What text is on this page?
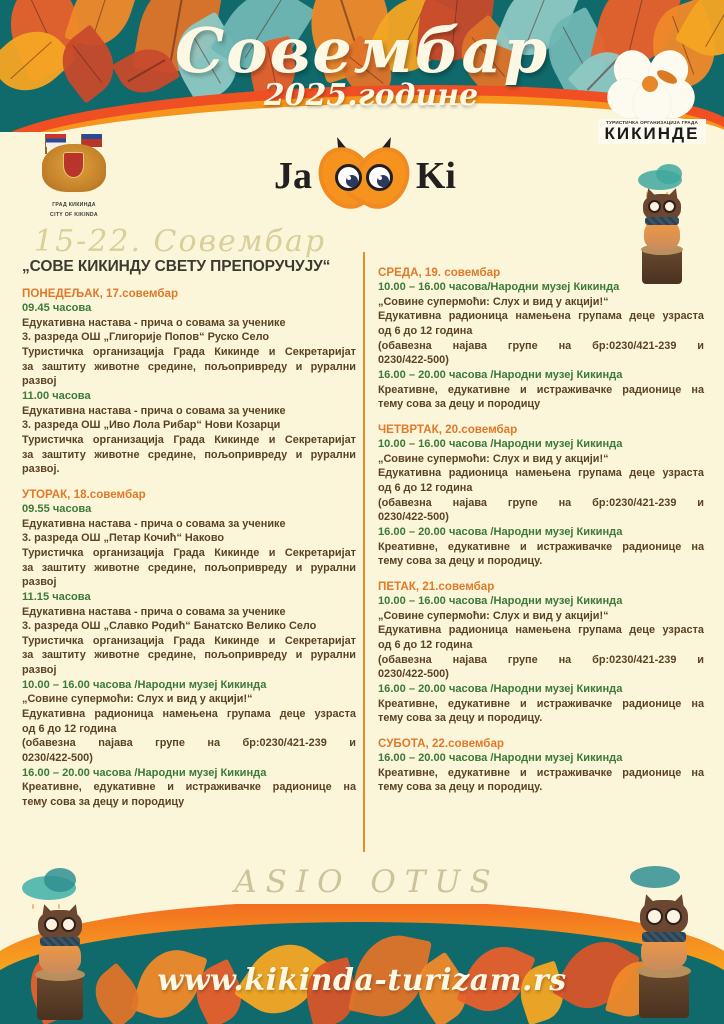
Совембар
2025.године
ТУРИСТИЧКА ОРГАНИЗАЦИЈА ГРАДА
КИКИНДЕ
ГРАД КИКИНДА
CITY OF KIKINDA
Ja	Ki
15-22. Совембар
„СОВЕ КИКИНДУ СВЕТУ ПРЕПОРУЧУЈУ“
ПОНЕДЕЉАК, 17.совембар
09.45 часова
Едукативна настава - прича о совама за ученике
3. разреда ОШ „Глигорије Попов“ Руско Село
Туристичка организација Града Кикинде и Секретаријат
за заштиту животне средине, пољопривреду и рурални
развој
11.00 часова
Едукативна настава - прича о совама за ученике
3. разреда ОШ „Иво Лола Рибар“ Нови Козарци
Туристичка организација Града Кикинде и Секретаријат
за заштиту животне средине, пољопривреду и рурални
развој.
УТОРАК, 18.совембар
09.55 часова
Едукативна настава - прича о совама за ученике
3. разреда ОШ „Петар Кочић“ Наково
Туристичка организација Града Кикинде и Секретаријат
за заштиту животне средине, пољопривреду и рурални
развој
11.15 часова
Едукативна настава - прича о совама за ученике
3. разреда ОШ „Славко Родић“ Банатско Велико Село
Туристичка организација Града Кикинде и Секретаријат
за заштиту животне средине, пољопривреду и рурални
развој
10.00 – 16.00 часова /Народни музеј Кикинда
„Совине супермоћи: Слух и вид у акцији!“
Едукативна радионица намењена групама деце узраста
од 6 до 12 година
(обавезна najава групе на бр:0230/421-239 и
0230/422-500)
16.00 – 20.00 часова /Народни музеј Кикинда
Креативне, едукативне и истраживачке радионице на
тему сова за децу и породицу
СРЕДА, 19. совембар
10.00 – 16.00 часова/Народни музеј Кикинда
„Совине супермоћи: Слух и вид у акцији!“
Едукативна радионица намењена групама деце узраста
од 6 до 12 година
(обавезна најава групе на бр:0230/421-239 и
0230/422-500)
16.00 – 20.00 часова /Народни музеј Кикинда
Креативне, едукативне и истраживачке радионице на
тему сова за децу и породицу
ЧЕТВРТАК, 20.совембар
10.00 – 16.00 часова /Народни музеј Кикинда
„Совине супермоћи: Слух и вид у акцији!“
Едукативна радионица намењена групама деце узраста
од 6 до 12 година
(обавезна најава групе на бр:0230/421-239 и
0230/422-500)
16.00 – 20.00 часова /Народни музеј Кикинда
Креативне, едукативне и истраживачке радионице на
тему сова за децу и породицу.
ПЕТАК, 21.совембар
10.00 – 16.00 часова /Народни музеј Кикинда
„Совине супермоћи: Слух и вид у акцији!“
Едукативна радионица намењена групама деце узраста
од 6 до 12 година
(обавезна најава групе на бр:0230/421-239 и
0230/422-500)
16.00 – 20.00 часова /Народни музеј Кикинда
Креативне, едукативне и истраживачке радионице на
тему сова за децу и породицу.
СУБОТА, 22.совембар
16.00 – 20.00 часова /Народни музеј Кикинда
Креативне, едукативне и истраживачке радионице на
тему сова за децу и породицу.
ASIO OTUS
www.kikinda-turizam.rs
